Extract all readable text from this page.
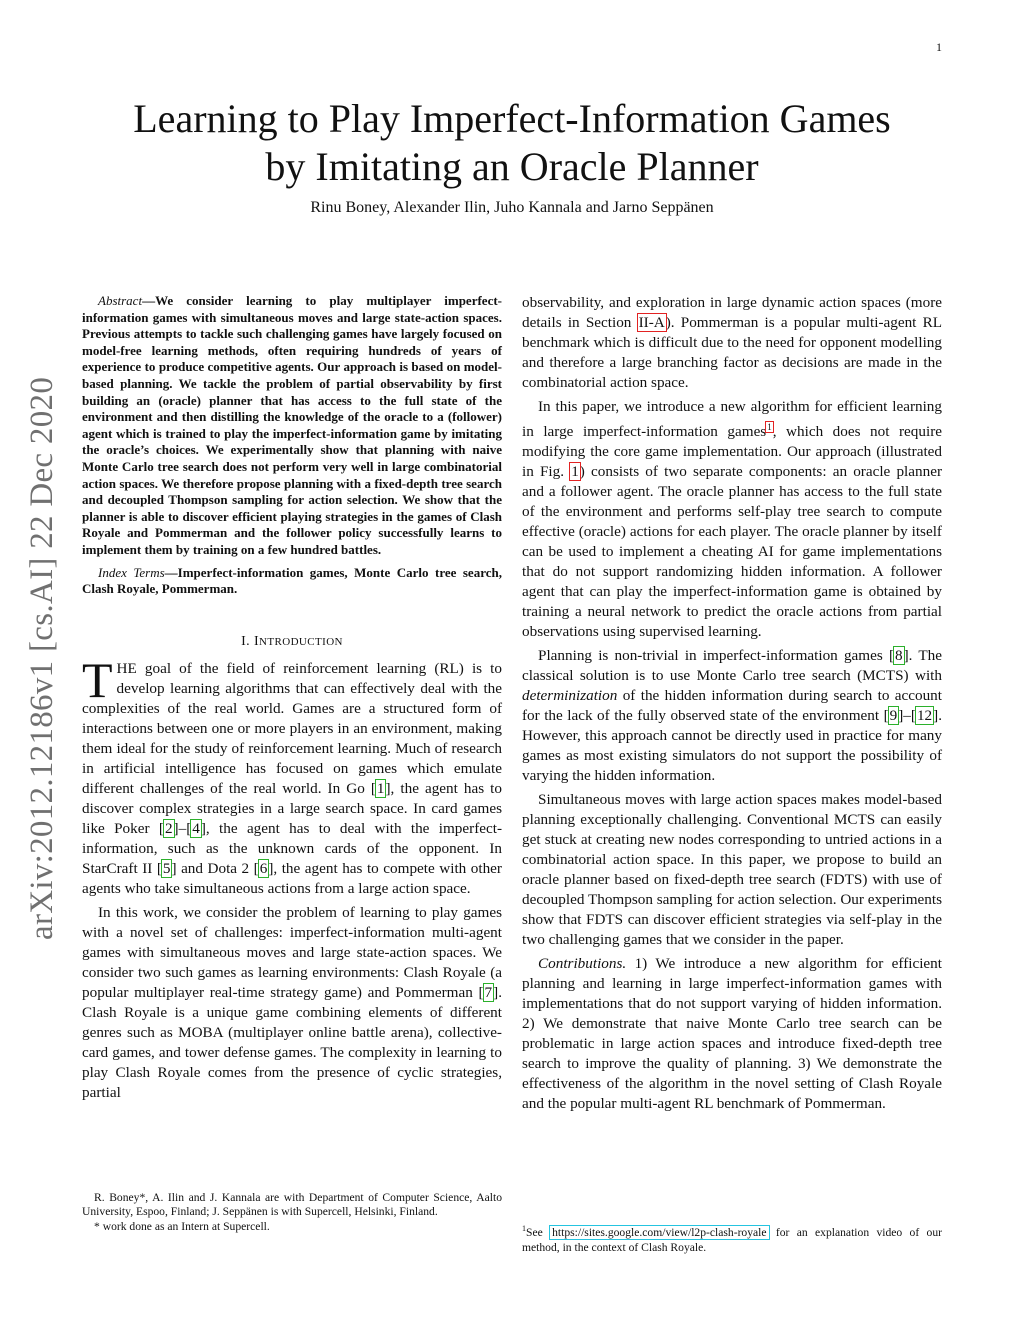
1
arXiv:2012.12186v1 [cs.AI] 22 Dec 2020
Learning to Play Imperfect-Information Games
by Imitating an Oracle Planner
Rinu Boney, Alexander Ilin, Juho Kannala and Jarno Seppänen

Abstract—We consider learning to play multiplayer imperfect-information games with simultaneous moves and large state-action spaces. Previous attempts to tackle such challenging games have largely focused on model-free learning methods, often requiring hundreds of years of experience to produce competitive agents. Our approach is based on model-based planning. We tackle the problem of partial observability by first building an (oracle) planner that has access to the full state of the environment and then distilling the knowledge of the oracle to a (follower) agent which is trained to play the imperfect-information game by imitating the oracle’s choices. We experimentally show that planning with naive Monte Carlo tree search does not perform very well in large combinatorial action spaces. We therefore propose planning with a fixed-depth tree search and decoupled Thompson sampling for action selection. We show that the planner is able to discover efficient playing strategies in the games of Clash Royale and Pommerman and the follower policy successfully learns to implement them by training on a few hundred battles.

Index Terms—Imperfect-information games, Monte Carlo tree search, Clash Royale, Pommerman.

I. INTRODUCTION

THE goal of the field of reinforcement learning (RL) is to develop learning algorithms that can effectively deal with the complexities of the real world. Games are a structured form of interactions between one or more players in an environment, making them ideal for the study of reinforcement learning. Much of research in artificial intelligence has focused on games which emulate different challenges of the real world. In Go [1], the agent has to discover complex strategies in a large search space. In card games like Poker [2]–[4], the agent has to deal with the imperfect-information, such as the unknown cards of the opponent. In StarCraft II [5] and Dota 2 [6], the agent has to compete with other agents who take simultaneous actions from a large action space.

In this work, we consider the problem of learning to play games with a novel set of challenges: imperfect-information multi-agent games with simultaneous moves and large state-action spaces. We consider two such games as learning environments: Clash Royale (a popular multiplayer real-time strategy game) and Pommerman [7]. Clash Royale is a unique game combining elements of different genres such as MOBA (multiplayer online battle arena), collective-card games, and tower defense games. The complexity in learning to play Clash Royale comes from the presence of cyclic strategies, partial

observability, and exploration in large dynamic action spaces (more details in Section II-A). Pommerman is a popular multi-agent RL benchmark which is difficult due to the need for opponent modelling and therefore a large branching factor as decisions are made in the combinatorial action space.

In this paper, we introduce a new algorithm for efficient learning in large imperfect-information games$^1$, which does not require modifying the core game implementation. Our approach (illustrated in Fig. 1) consists of two separate components: an oracle planner and a follower agent. The oracle planner has access to the full state of the environment and performs self-play tree search to compute effective (oracle) actions for each player. The oracle planner by itself can be used to implement a cheating AI for game implementations that do not support randomizing hidden information. A follower agent that can play the imperfect-information game is obtained by training a neural network to predict the oracle actions from partial observations using supervised learning.

Planning is non-trivial in imperfect-information games [8]. The classical solution is to use Monte Carlo tree search (MCTS) with determinization of the hidden information during search to account for the lack of the fully observed state of the environment [9]–[12]. However, this approach cannot be directly used in practice for many games as most existing simulators do not support the possibility of varying the hidden information.

Simultaneous moves with large action spaces makes model-based planning exceptionally challenging. Conventional MCTS can easily get stuck at creating new nodes corresponding to untried actions in a combinatorial action space. In this paper, we propose to build an oracle planner based on fixed-depth tree search (FDTS) with use of decoupled Thompson sampling for action selection. Our experiments show that FDTS can discover efficient strategies via self-play in the two challenging games that we consider in the paper.

Contributions. 1) We introduce a new algorithm for efficient planning and learning in large imperfect-information games with implementations that do not support varying of hidden information. 2) We demonstrate that naive Monte Carlo tree search can be problematic in large action spaces and introduce fixed-depth tree search to improve the quality of planning. 3) We demonstrate the effectiveness of the algorithm in the novel setting of Clash Royale and the popular multi-agent RL benchmark of Pommerman.

R. Boney*, A. Ilin and J. Kannala are with Department of Computer Science, Aalto University, Espoo, Finland; J. Seppänen is with Supercell, Helsinki, Finland.

* work done as an Intern at Supercell.	$^1$See https://sites.google.com/view/l2p-clash-royale for an explanation video of our method, in the context of Clash Royale.
